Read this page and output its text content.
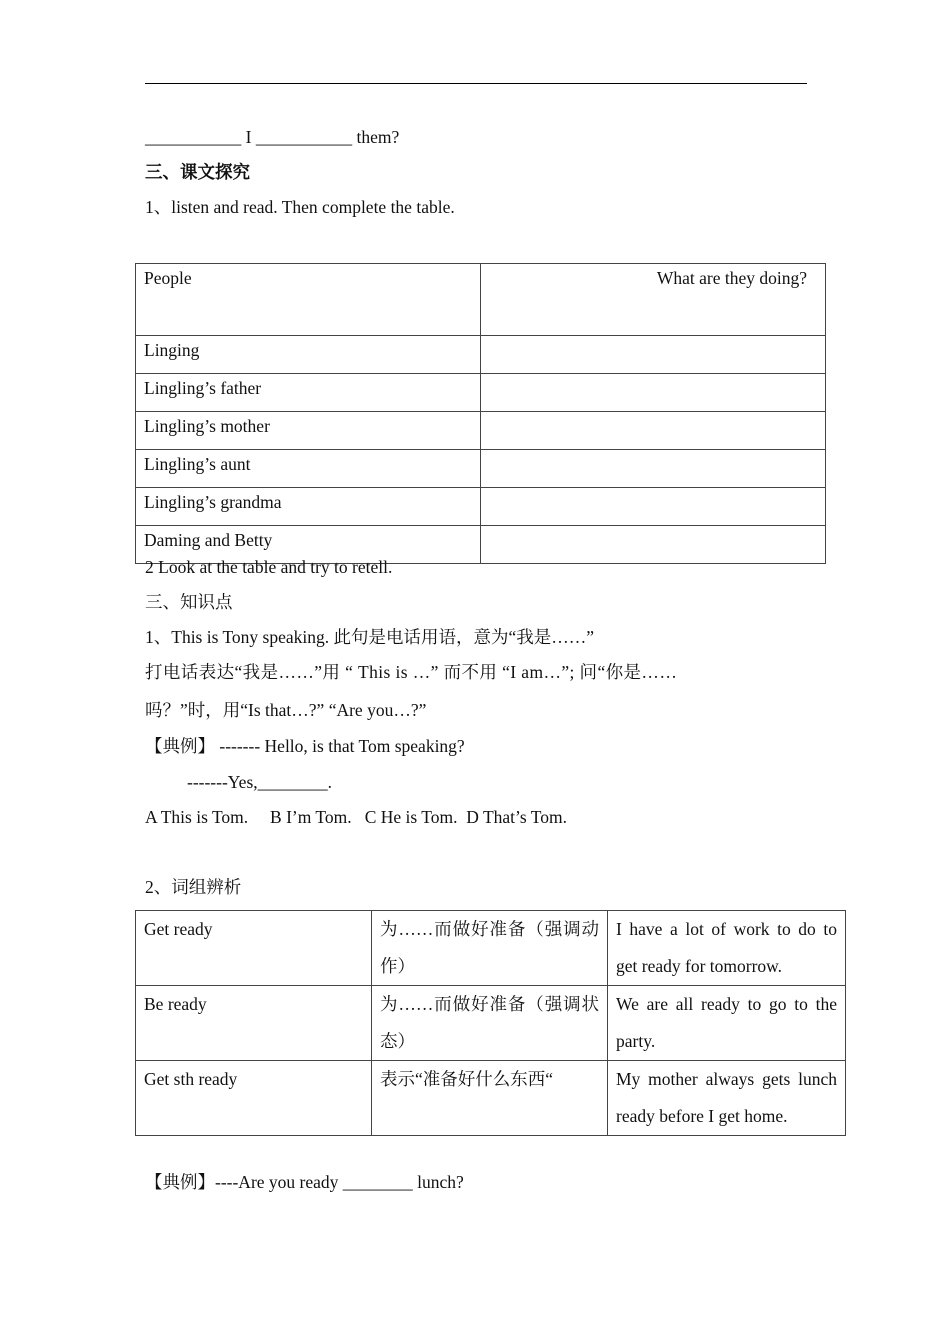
___________ I ___________ them?
三、课文探究
1、listen and read. Then complete the table.
People	What are they doing?
Linging	
Lingling’s father	
Lingling’s mother	
Lingling’s aunt	
Lingling’s grandma	
Daming and Betty	
2 Look at the table and try to retell.
三、知识点
1、This is Tony speaking. 此句是电话用语，意为“我是……”
打电话表达“我是……”用 “ This is …” 而不用 “I am…”; 问“你是……
吗？”时，用“Is that…?” “Are you…?”
【典例】 ------- Hello, is that Tom speaking?
-------Yes,________.
A This is Tom.     B I’m Tom.   C He is Tom.  D That’s Tom.
2、词组辨析
Get ready	为……而做好准备（强调动作）	I have a lot of work to do to get ready for tomorrow.
Be ready	为……而做好准备（强调状态）	We are all ready to go to the party.
Get sth ready	表示“准备好什么东西“	My mother always gets lunch ready before I get home.
【典例】----Are you ready ________ lunch?
